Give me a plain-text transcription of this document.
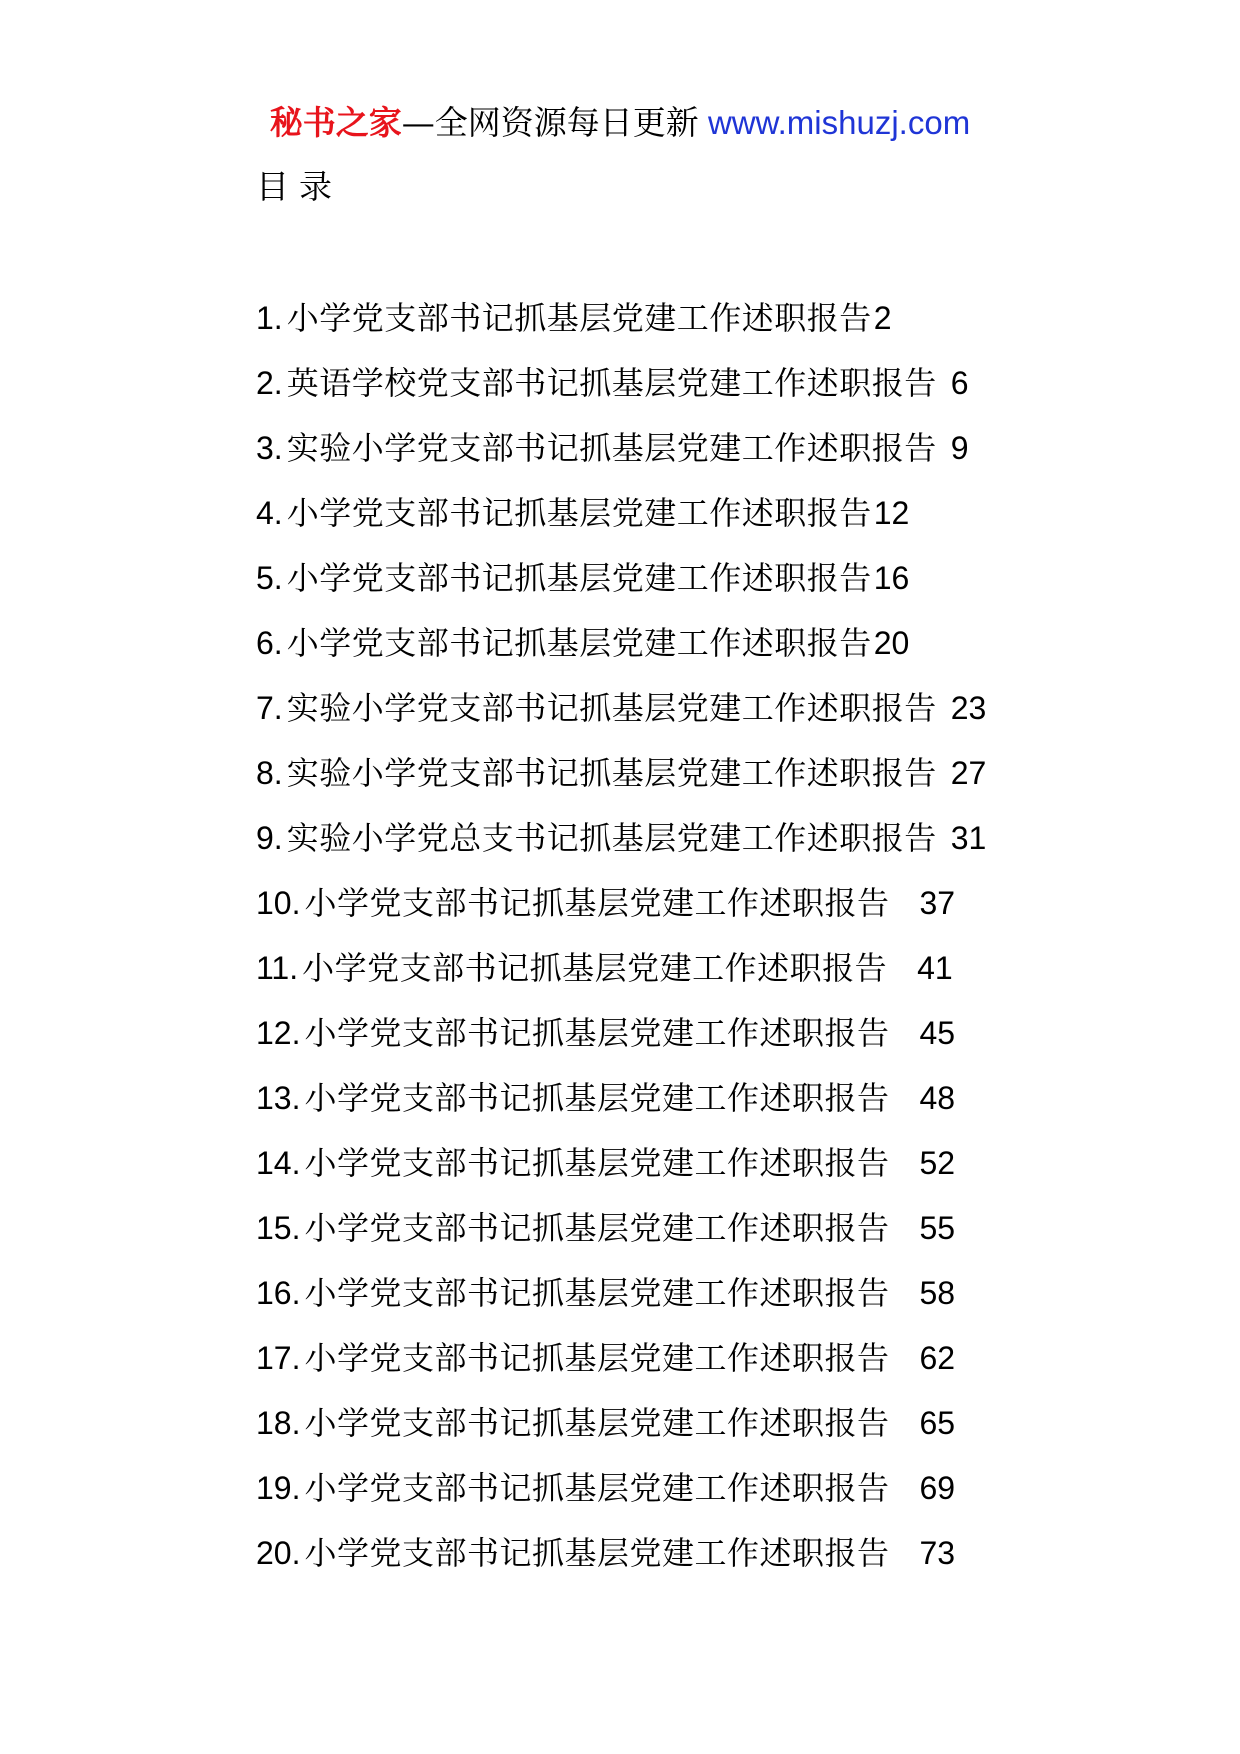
秘书之家—全网资源每日更新 www.mishuzj.com
目录
1. 小学党支部书记抓基层党建工作述职报告2
2. 英语学校党支部书记抓基层党建工作述职报告 6
3. 实验小学党支部书记抓基层党建工作述职报告 9
4. 小学党支部书记抓基层党建工作述职报告12
5. 小学党支部书记抓基层党建工作述职报告16
6. 小学党支部书记抓基层党建工作述职报告20
7. 实验小学党支部书记抓基层党建工作述职报告 23
8. 实验小学党支部书记抓基层党建工作述职报告 27
9. 实验小学党总支书记抓基层党建工作述职报告 31
10. 小学党支部书记抓基层党建工作述职报告 37
11. 小学党支部书记抓基层党建工作述职报告 41
12. 小学党支部书记抓基层党建工作述职报告 45
13. 小学党支部书记抓基层党建工作述职报告 48
14. 小学党支部书记抓基层党建工作述职报告 52
15. 小学党支部书记抓基层党建工作述职报告 55
16. 小学党支部书记抓基层党建工作述职报告 58
17. 小学党支部书记抓基层党建工作述职报告 62
18. 小学党支部书记抓基层党建工作述职报告 65
19. 小学党支部书记抓基层党建工作述职报告 69
20. 小学党支部书记抓基层党建工作述职报告 73
